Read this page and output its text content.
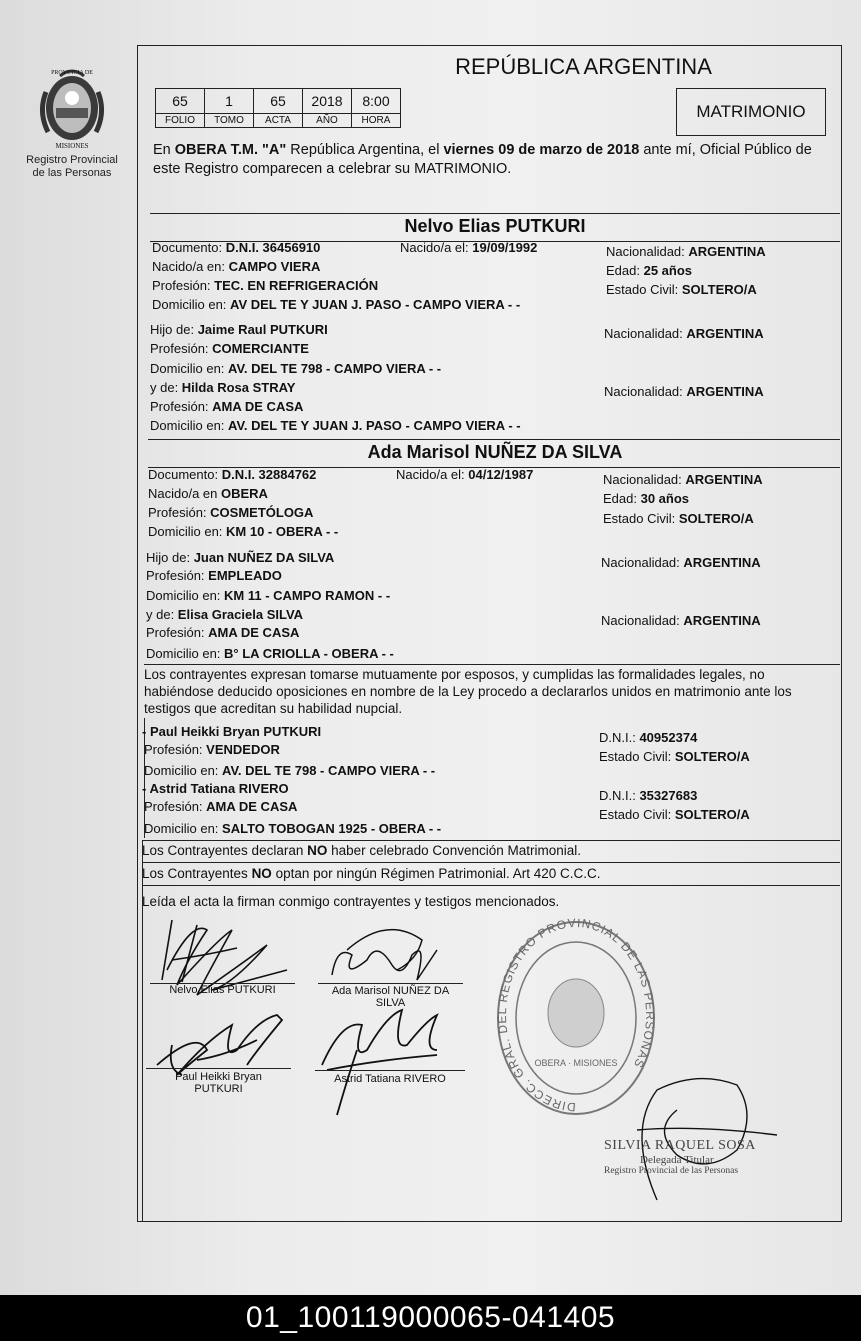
PROVINCIA DE
MISIONES
Registro Provincial
de las Personas
REPÚBLICA ARGENTINA
65	1	65	2018	8:00
FOLIO	TOMO	ACTA	AÑO	HORA	MATRIMONIO
En OBERA T.M. "A" República Argentina, el viernes 09 de marzo de 2018 ante mí, Oficial Público de este Registro comparecen a celebrar su MATRIMONIO.
Nelvo Elias PUTKURI
Documento: D.N.I. 36456910	Nacido/a el: 19/09/1992	Nacionalidad: ARGENTINA
Nacido/a en: CAMPO VIERA	Edad: 25 años
Profesión: TEC. EN REFRIGERACIÓN	Estado Civil: SOLTERO/A
Domicilio en: AV DEL TE Y JUAN J. PASO - CAMPO VIERA - -
Hijo de: Jaime Raul PUTKURI	Nacionalidad: ARGENTINA
Profesión: COMERCIANTE
Domicilio en: AV. DEL TE 798 - CAMPO VIERA - -
y de: Hilda Rosa STRAY	Nacionalidad: ARGENTINA
Profesión: AMA DE CASA
Domicilio en: AV. DEL TE Y JUAN J. PASO - CAMPO VIERA - -
Ada Marisol NUÑEZ DA SILVA
Documento: D.N.I. 32884762	Nacido/a el: 04/12/1987	Nacionalidad: ARGENTINA
Nacido/a en OBERA	Edad: 30 años
Profesión: COSMETÓLOGA	Estado Civil: SOLTERO/A
Domicilio en: KM 10 - OBERA - -
Hijo de: Juan NUÑEZ DA SILVA	Nacionalidad: ARGENTINA
Profesión: EMPLEADO
Domicilio en: KM 11 - CAMPO RAMON - -
y de: Elisa Graciela SILVA	Nacionalidad: ARGENTINA
Profesión: AMA DE CASA
Domicilio en: B° LA CRIOLLA - OBERA - -
Los contrayentes expresan tomarse mutuamente por esposos, y cumplidas las formalidades legales, no habiéndose deducido oposiciones en nombre de la Ley procedo a declararlos unidos en matrimonio ante los testigos que acreditan su habilidad nupcial.
- Paul Heikki Bryan PUTKURI	D.N.I.: 40952374
Profesión: VENDEDOR	Estado Civil: SOLTERO/A
Domicilio en: AV. DEL TE 798 - CAMPO VIERA - -
- Astrid Tatiana RIVERO	D.N.I.: 35327683
Profesión: AMA DE CASA
Estado Civil: SOLTERO/A
Domicilio en: SALTO TOBOGAN 1925 - OBERA - -
Los Contrayentes declaran NO haber celebrado Convención Matrimonial.
Los Contrayentes NO optan por ningún Régimen Patrimonial. Art 420 C.C.C.
Leída el acta la firman conmigo contrayentes y testigos mencionados.
Nelvo Elias PUTKURI	Ada Marisol NUÑEZ DA
SILVA
Paul Heikki Bryan
PUTKURI
Astrid Tatiana RIVERO
DIRECC. GRAL. DEL REGISTRO PROVINCIAL DE LAS PERSONAS
OBERA · MISIONES
SILVIA RAQUEL SOSA
Delegada Titular
Registro Provincial de las Personas
01_100119000065-041405
